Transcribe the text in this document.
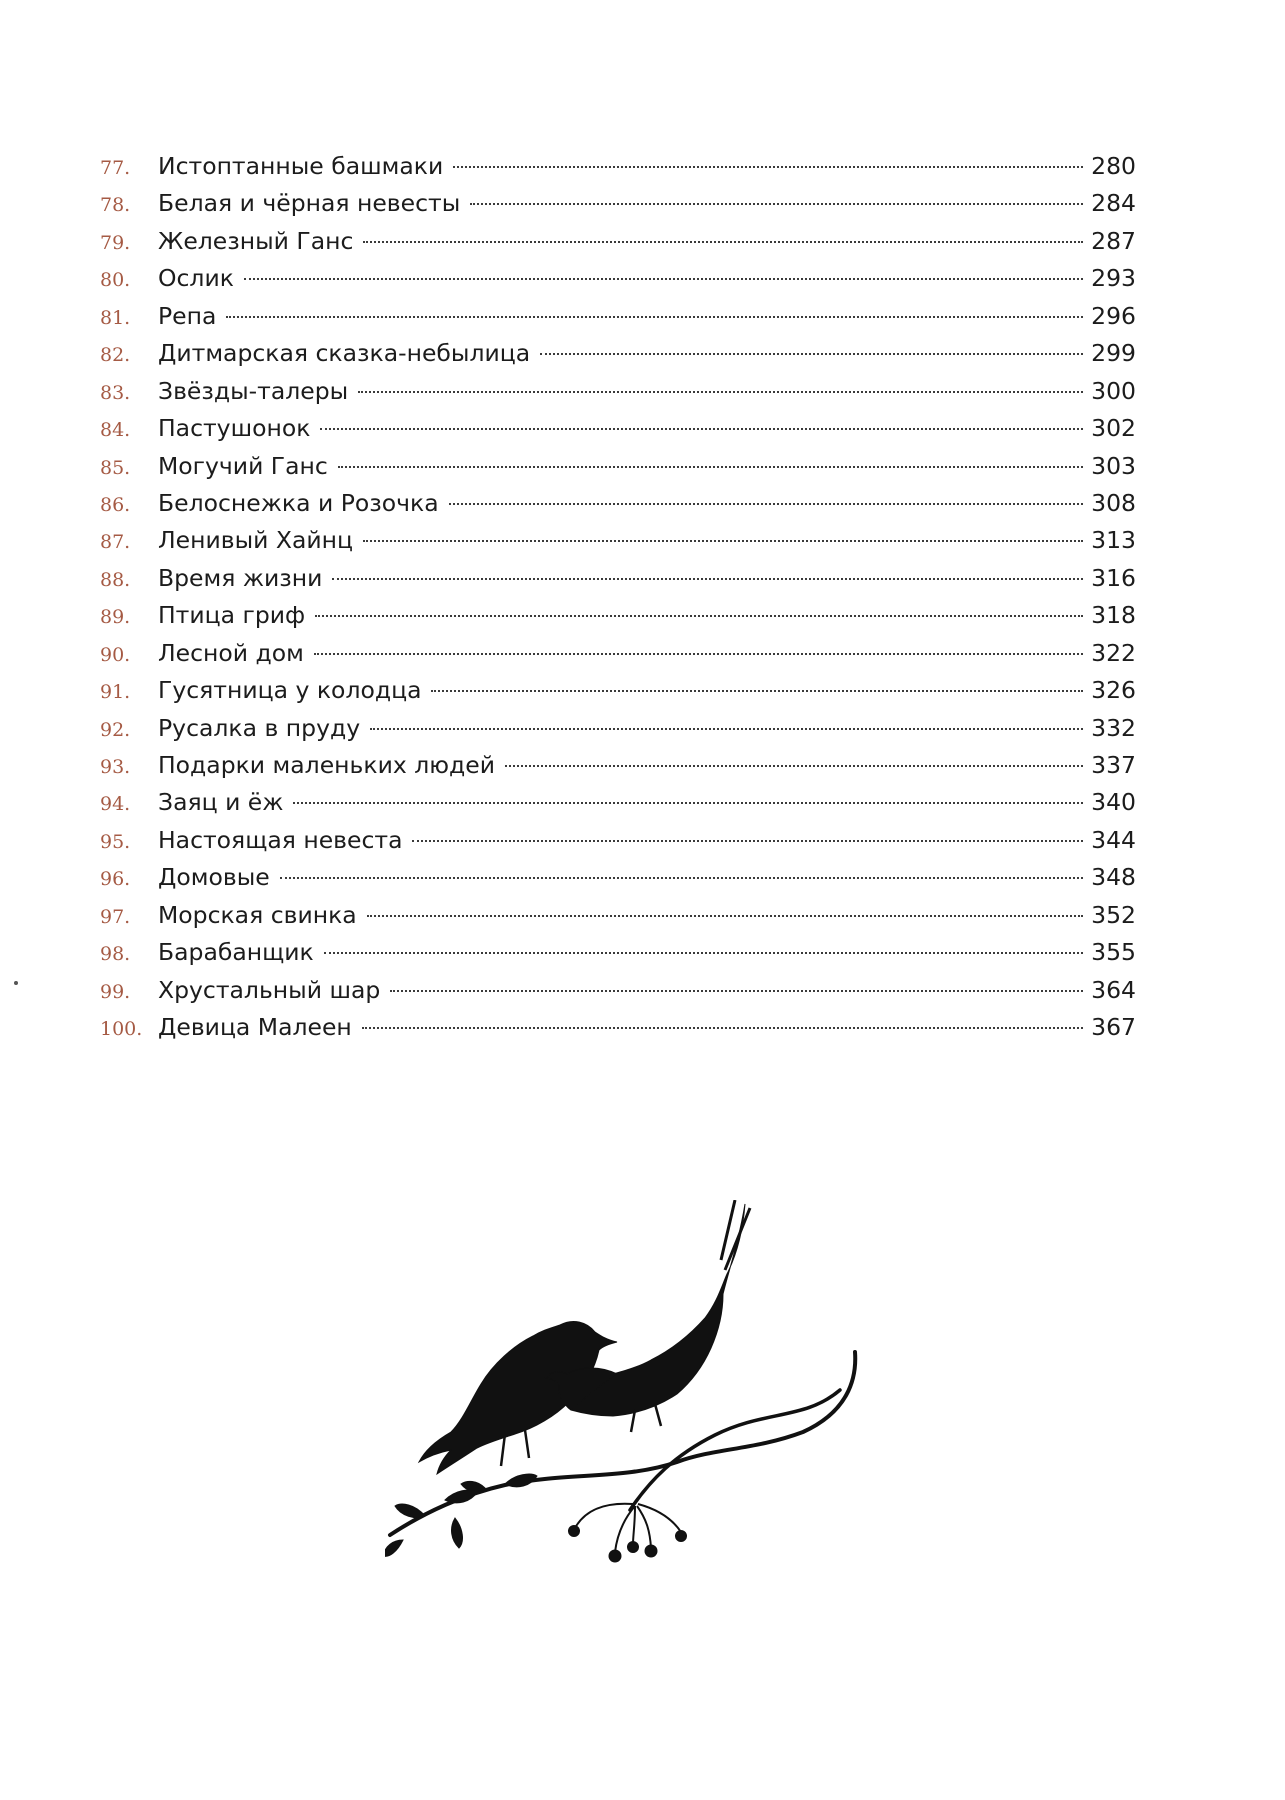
77.	Истоптанные башмаки	280
78.	Белая и чёрная невесты	284
79.	Железный Ганс	287
80.	Ослик	293
81.	Репа	296
82.	Дитмарская сказка-небылица	299
83.	Звёзды-талеры	300
84.	Пастушонок	302
85.	Могучий Ганс	303
86.	Белоснежка и Розочка	308
87.	Ленивый Хайнц	313
88.	Время жизни	316
89.	Птица гриф	318
90.	Лесной дом	322
91.	Гусятница у колодца	326
92.	Русалка в пруду	332
93.	Подарки маленьких людей	337
94.	Заяц и ёж	340
95.	Настоящая невеста	344
96.	Домовые	348
97.	Морская свинка	352
98.	Барабанщик	355
99.	Хрустальный шар	364
100. Девица Малеен	367
